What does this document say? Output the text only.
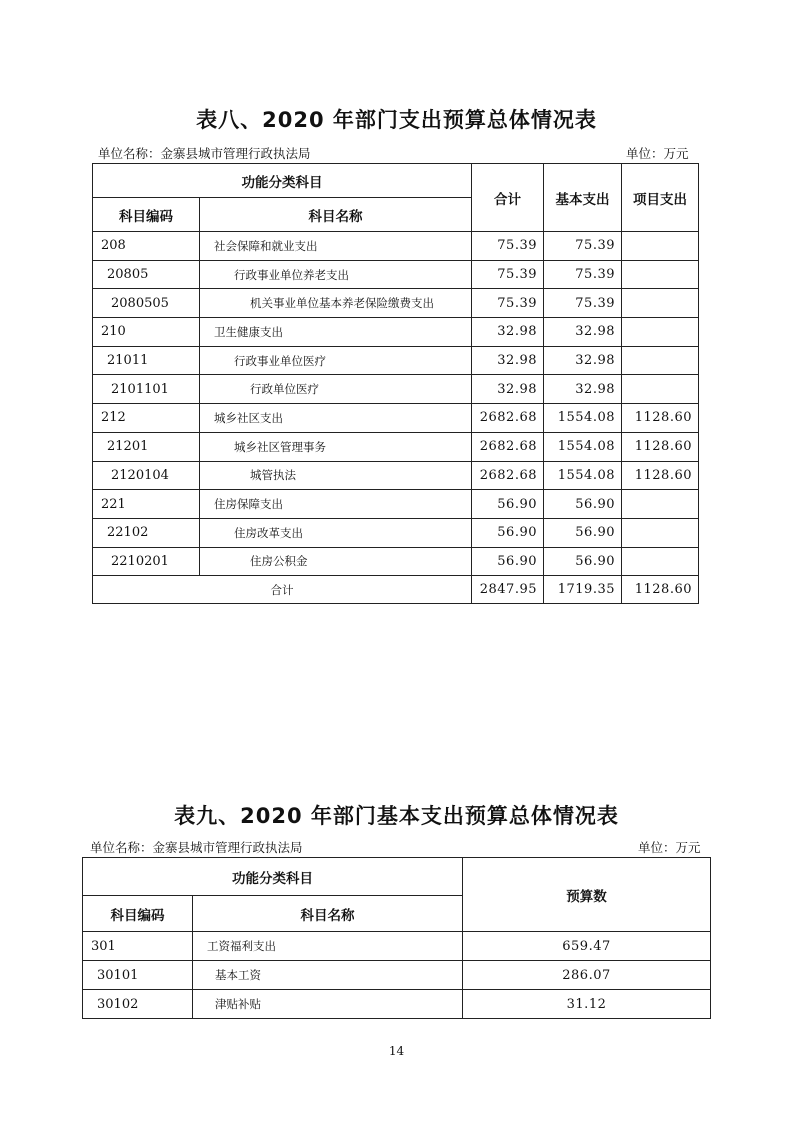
表八、2020 年部门支出预算总体情况表
单位名称：金寨县城市管理行政执法局	单位：万元
功能分类科目		合计	基本支出	项目支出
科目编码	科目名称			
208	社会保障和就业支出	75.39	75.39	
20805	行政事业单位养老支出	75.39	75.39	
2080505	机关事业单位基本养老保险缴费支出	75.39	75.39	
210	卫生健康支出	32.98	32.98	
21011	行政事业单位医疗	32.98	32.98	
2101101	行政单位医疗	32.98	32.98	
212	城乡社区支出	2682.68	1554.08	1128.60
21201	城乡社区管理事务	2682.68	1554.08	1128.60
2120104	城管执法	2682.68	1554.08	1128.60
221	住房保障支出	56.90	56.90	
22102	住房改革支出	56.90	56.90	
2210201	住房公积金	56.90	56.90	
合计		2847.95	1719.35	1128.60
表九、2020 年部门基本支出预算总体情况表
单位名称：金寨县城市管理行政执法局	单位：万元
功能分类科目		预算数
科目编码	科目名称	
301	工资福利支出	659.47
30101	基本工资	286.07
30102	津贴补贴	31.12
14
